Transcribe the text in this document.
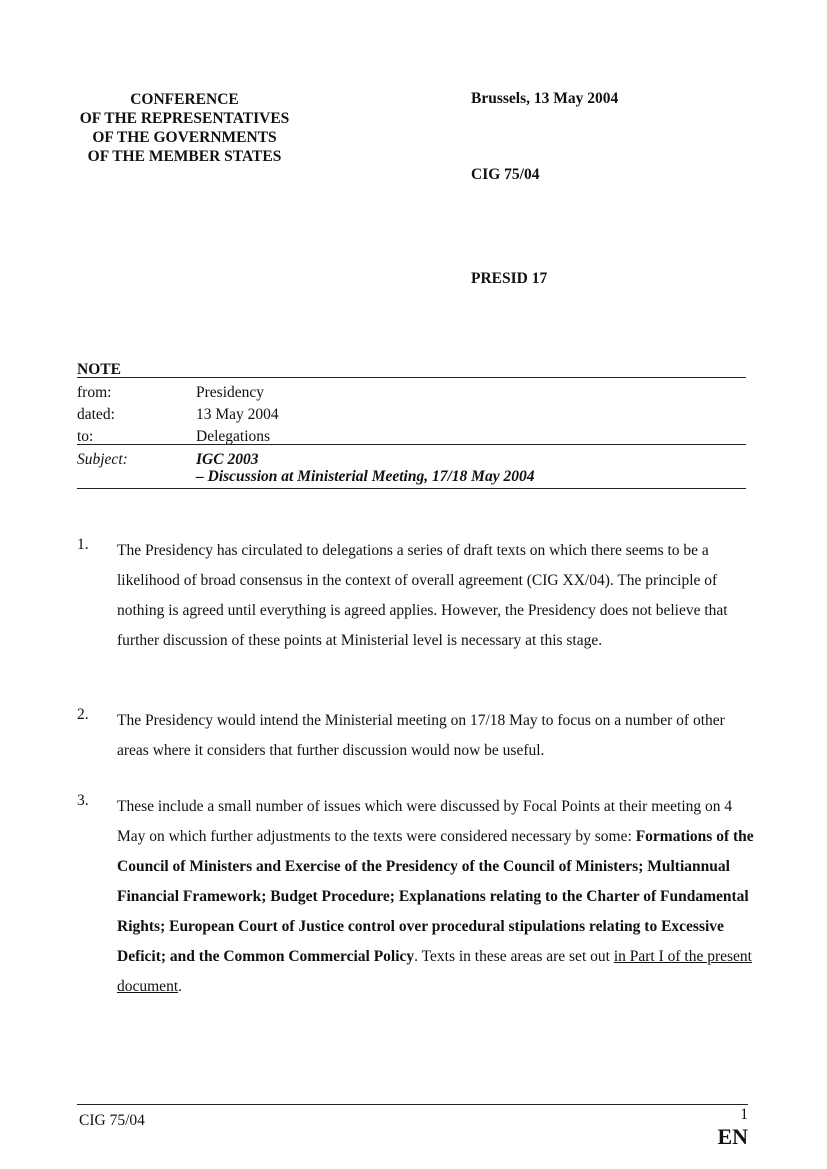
CONFERENCE
OF THE REPRESENTATIVES
OF THE GOVERNMENTS
OF THE MEMBER STATES
Brussels, 13 May 2004
CIG 75/04
PRESID 17
NOTE
from:	Presidency
dated:	13 May 2004
to:	Delegations
Subject:	IGC 2003
– Discussion at Ministerial Meeting, 17/18 May 2004
1. The Presidency has circulated to delegations a series of draft texts on which there seems to be a likelihood of broad consensus in the context of overall agreement (CIG XX/04). The principle of nothing is agreed until everything is agreed applies. However, the Presidency does not believe that further discussion of these points at Ministerial level is necessary at this stage.
2. The Presidency would intend the Ministerial meeting on 17/18 May to focus on a number of other areas where it considers that further discussion would now be useful.
3. These include a small number of issues which were discussed by Focal Points at their meeting on 4 May on which further adjustments to the texts were considered necessary by some: Formations of the Council of Ministers and Exercise of the Presidency of the Council of Ministers; Multiannual Financial Framework; Budget Procedure; Explanations relating to the Charter of Fundamental Rights; European Court of Justice control over procedural stipulations relating to Excessive Deficit; and the Common Commercial Policy. Texts in these areas are set out in Part I of the present document.
CIG 75/04	1
EN
